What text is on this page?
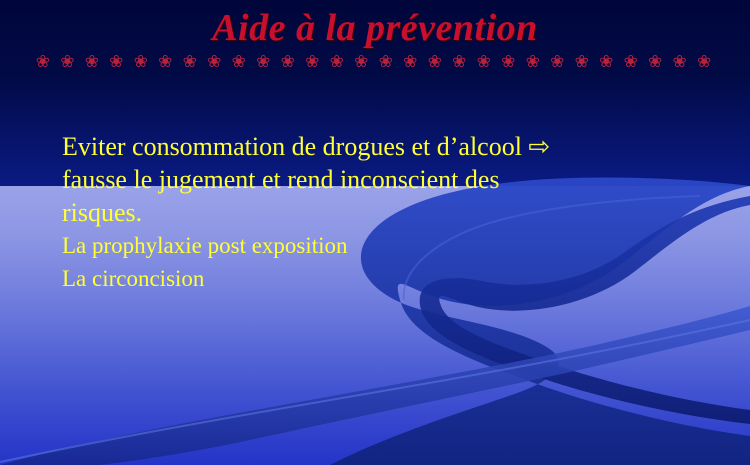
Aide à la prévention
❀ ❀ ❀ ❀ ❀ ❀ ❀ ❀ ❀ ❀ ❀ ❀ ❀ ❀ ❀ ❀ ❀ ❀ ❀ ❀ ❀ ❀ ❀ ❀ ❀ ❀ ❀ ❀
Eviter consommation de drogues et d’alcool ⇨
fausse le jugement et rend inconscient des
risques.
La prophylaxie post exposition
La circoncision
